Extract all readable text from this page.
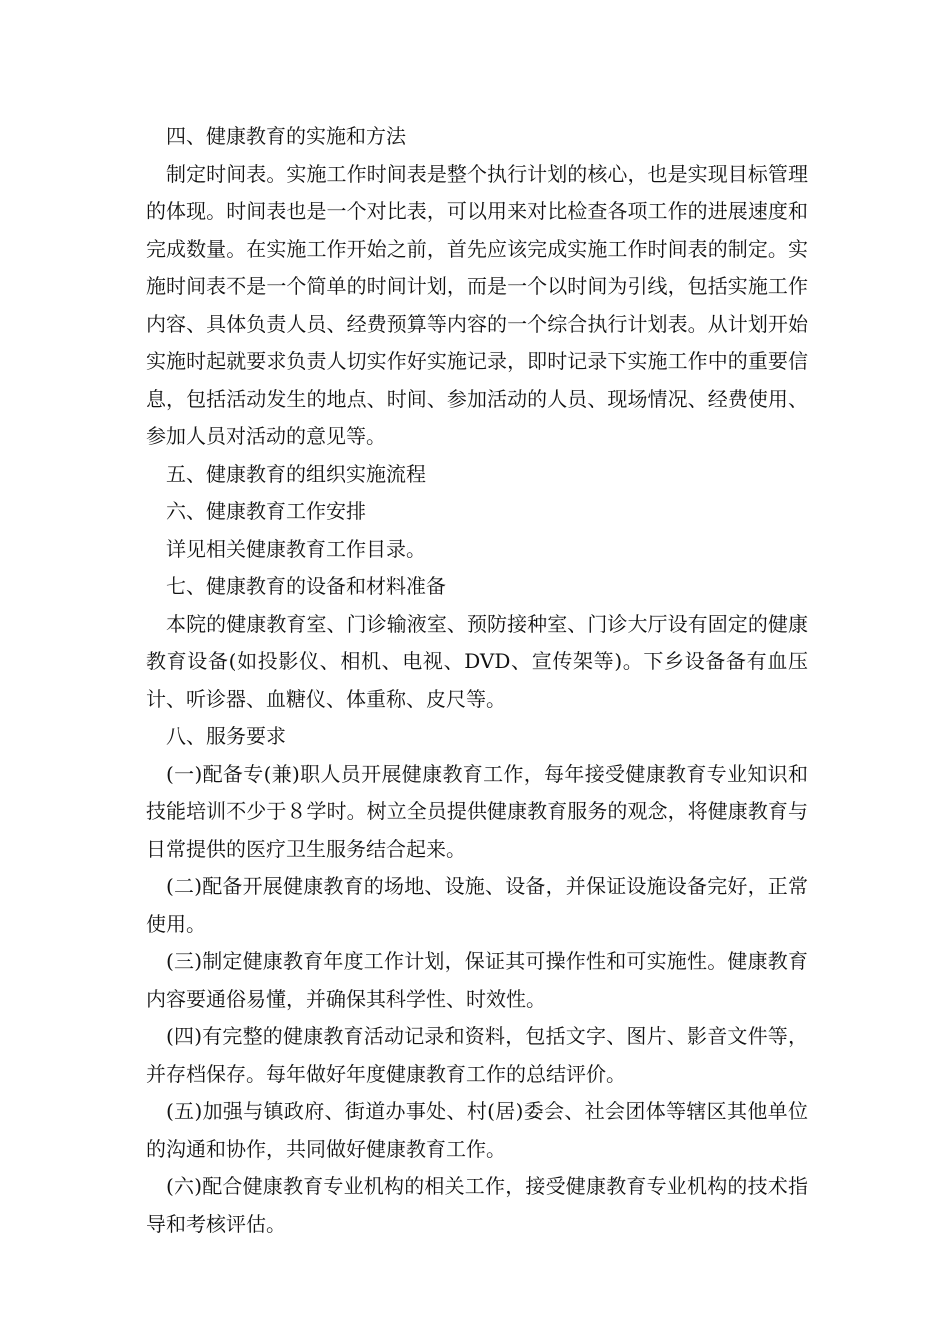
四、健康教育的实施和方法

制定时间表。实施工作时间表是整个执行计划的核心，也是实现目标管理的体现。时间表也是一个对比表，可以用来对比检查各项工作的进展速度和完成数量。在实施工作开始之前，首先应该完成实施工作时间表的制定。实施时间表不是一个简单的时间计划，而是一个以时间为引线，包括实施工作内容、具体负责人员、经费预算等内容的一个综合执行计划表。从计划开始实施时起就要求负责人切实作好实施记录，即时记录下实施工作中的重要信息，包括活动发生的地点、时间、参加活动的人员、现场情况、经费使用、参加人员对活动的意见等。

五、健康教育的组织实施流程

六、健康教育工作安排

详见相关健康教育工作目录。

七、健康教育的设备和材料准备

本院的健康教育室、门诊输液室、预防接种室、门诊大厅设有固定的健康教育设备(如投影仪、相机、电视、DVD、宣传架等)。下乡设备备有血压计、听诊器、血糖仪、体重称、皮尺等。

八、服务要求

(一)配备专(兼)职人员开展健康教育工作，每年接受健康教育专业知识和技能培训不少于８学时。树立全员提供健康教育服务的观念，将健康教育与日常提供的医疗卫生服务结合起来。

(二)配备开展健康教育的场地、设施、设备，并保证设施设备完好，正常使用。

(三)制定健康教育年度工作计划，保证其可操作性和可实施性。健康教育内容要通俗易懂，并确保其科学性、时效性。

(四)有完整的健康教育活动记录和资料，包括文字、图片、影音文件等，并存档保存。每年做好年度健康教育工作的总结评价。

(五)加强与镇政府、街道办事处、村(居)委会、社会团体等辖区其他单位的沟通和协作，共同做好健康教育工作。

(六)配合健康教育专业机构的相关工作，接受健康教育专业机构的技术指导和考核评估。
